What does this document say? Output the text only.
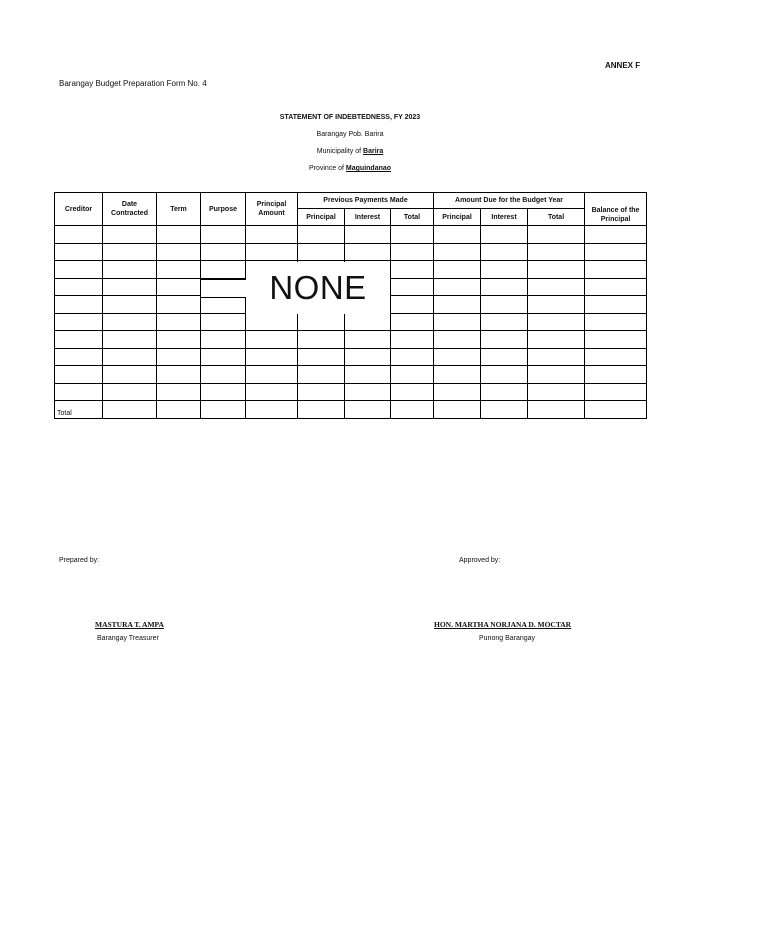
ANNEX F
Barangay Budget Preparation Form No. 4
STATEMENT OF INDEBTEDNESS, FY 2023
Barangay Pob. Barira
Municipality of Barira
Province of Maguindanao
Creditor	Date Contracted	Term	Purpose	Principal Amount	Previous Payments Made			Amount Due for the Budget Year			Balance of the Principal
					Principal	Interest	Total	Principal	Interest	Total	

Total											
NONE
Prepared by:	Approved by:
MASTURA T. AMPA	HON. MARTHA NORJANA D. MOCTAR
Barangay Treasurer	Punong Barangay
